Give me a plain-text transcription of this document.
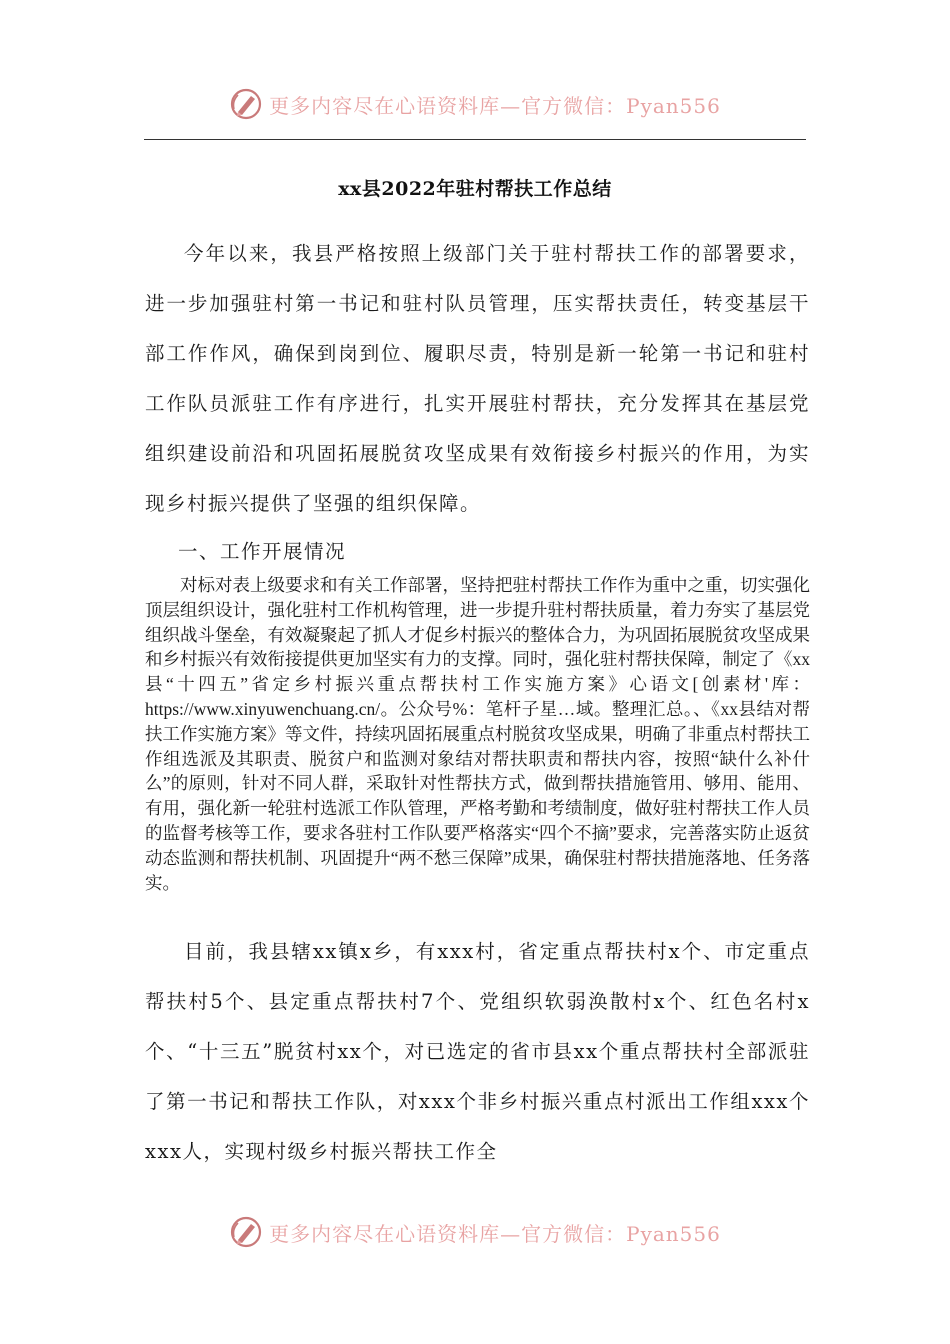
更多内容尽在心语资料库—官方微信：Pyan556
xx县2022年驻村帮扶工作总结

今年以来，我县严格按照上级部门关于驻村帮扶工作的部署要求，进一步加强驻村第一书记和驻村队员管理，压实帮扶责任，转变基层干部工作作风，确保到岗到位、履职尽责，特别是新一轮第一书记和驻村工作队员派驻工作有序进行，扎实开展驻村帮扶，充分发挥其在基层党组织建设前沿和巩固拓展脱贫攻坚成果有效衔接乡村振兴的作用，为实现乡村振兴提供了坚强的组织保障。

一、工作开展情况

对标对表上级要求和有关工作部署，坚持把驻村帮扶工作作为重中之重，切实强化顶层组织设计，强化驻村工作机构管理，进一步提升驻村帮扶质量，着力夯实了基层党组织战斗堡垒，有效凝聚起了抓人才促乡村振兴的整体合力，为巩固拓展脱贫攻坚成果和乡村振兴有效衔接提供更加坚实有力的支撑。同时，强化驻村帮扶保障，制定了《xx县“十四五”省定乡村振兴重点帮扶村工作实施方案》心语文[创素材'库：https://www.xinyuwenchuang.cn/。公众号%：笔杆子星…域。整理汇总。、《xx县结对帮扶工作实施方案》等文件，持续巩固拓展重点村脱贫攻坚成果，明确了非重点村帮扶工作组选派及其职责、脱贫户和监测对象结对帮扶职责和帮扶内容，按照“缺什么补什么”的原则，针对不同人群，采取针对性帮扶方式，做到帮扶措施管用、够用、能用、有用，强化新一轮驻村选派工作队管理，严格考勤和考绩制度，做好驻村帮扶工作人员的监督考核等工作，要求各驻村工作队要严格落实“四个不摘”要求，完善落实防止返贫动态监测和帮扶机制、巩固提升“两不愁三保障”成果，确保驻村帮扶措施落地、任务落实。

目前，我县辖xx镇x乡，有xxx村，省定重点帮扶村x个、市定重点帮扶村5个、县定重点帮扶村7个、党组织软弱涣散村x个、红色名村x个、“十三五”脱贫村xx个，对已选定的省市县xx个重点帮扶村全部派驻了第一书记和帮扶工作队，对xxx个非乡村振兴重点村派出工作组xxx个xxx人，实现村级乡村振兴帮扶工作全

更多内容尽在心语资料库—官方微信：Pyan556
